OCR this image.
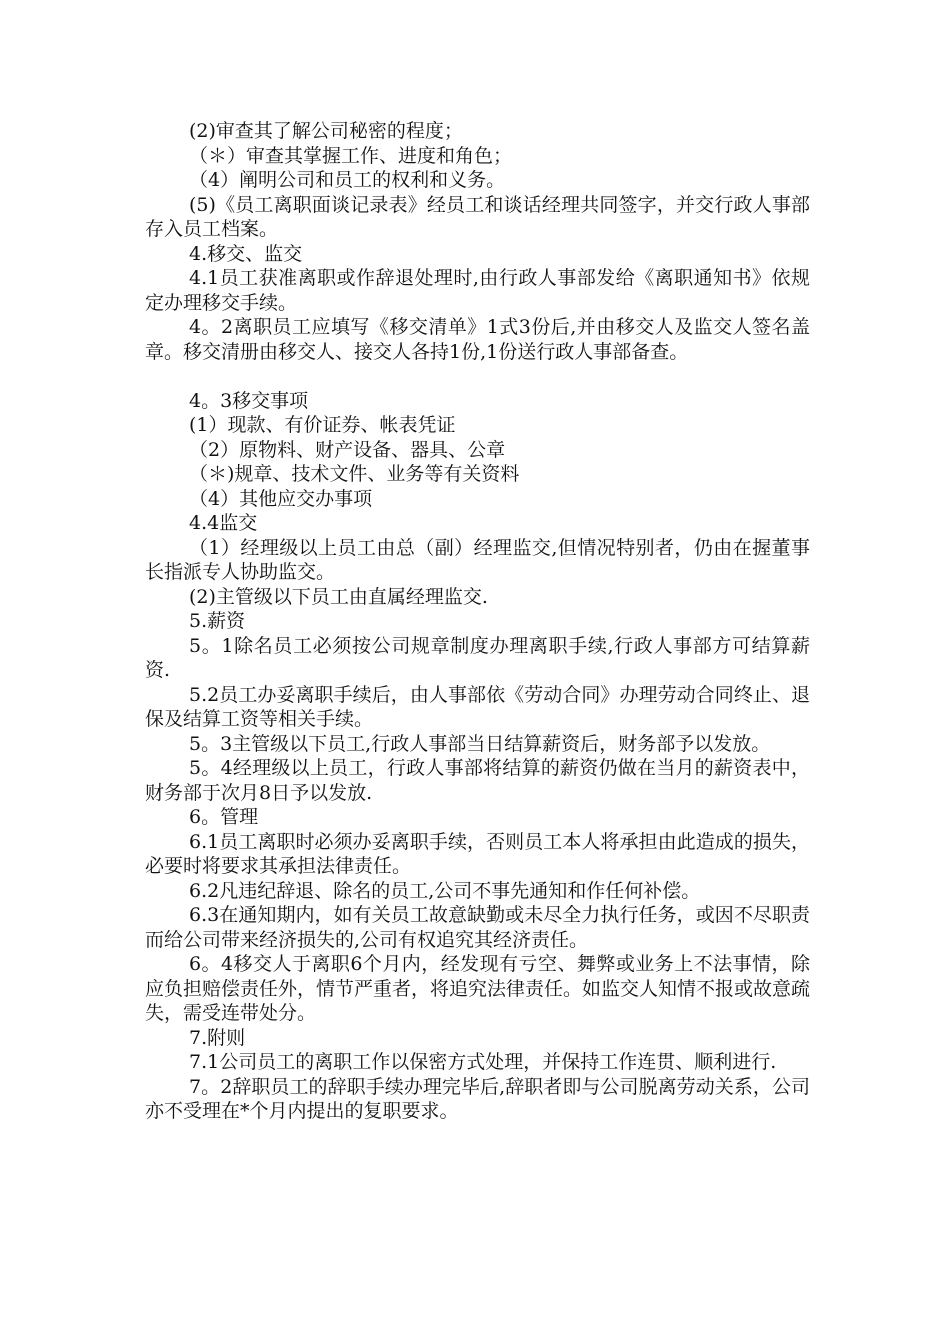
(2)审查其了解公司秘密的程度；

（＊）审查其掌握工作、进度和角色；

（4）阐明公司和员工的权利和义务。

(5)《员工离职面谈记录表》经员工和谈话经理共同签字，并交行政人事部存入员工档案。

4.移交、监交

4.1员工获准离职或作辞退处理时,由行政人事部发给《离职通知书》依规定办理移交手续。

4。2离职员工应填写《移交清单》1式3份后,并由移交人及监交人签名盖章。移交清册由移交人、接交人各持1份,1份送行政人事部备查。

4。3移交事项

(1）现款、有价证券、帐表凭证

（2）原物料、财产设备、器具、公章

（＊)规章、技术文件、业务等有关资料

（4）其他应交办事项

4.4监交

（1）经理级以上员工由总（副）经理监交,但情况特别者，仍由在握董事长指派专人协助监交。

(2)主管级以下员工由直属经理监交.

5.薪资

5。1除名员工必须按公司规章制度办理离职手续,行政人事部方可结算薪资.

5.2员工办妥离职手续后，由人事部依《劳动合同》办理劳动合同终止、退保及结算工资等相关手续。

5。3主管级以下员工,行政人事部当日结算薪资后，财务部予以发放。

5。4经理级以上员工，行政人事部将结算的薪资仍做在当月的薪资表中，财务部于次月8日予以发放.

6。管理

6.1员工离职时必须办妥离职手续，否则员工本人将承担由此造成的损失，必要时将要求其承担法律责任。

6.2凡违纪辞退、除名的员工,公司不事先通知和作任何补偿。

6.3在通知期内，如有关员工故意缺勤或未尽全力执行任务，或因不尽职责而给公司带来经济损失的,公司有权追究其经济责任。

6。4移交人于离职6个月内，经发现有亏空、舞弊或业务上不法事情，除应负担赔偿责任外，情节严重者，将追究法律责任。如监交人知情不报或故意疏失，需受连带处分。

7.附则

7.1公司员工的离职工作以保密方式处理，并保持工作连贯、顺利进行.

7。2辞职员工的辞职手续办理完毕后,辞职者即与公司脱离劳动关系，公司亦不受理在*个月内提出的复职要求。
